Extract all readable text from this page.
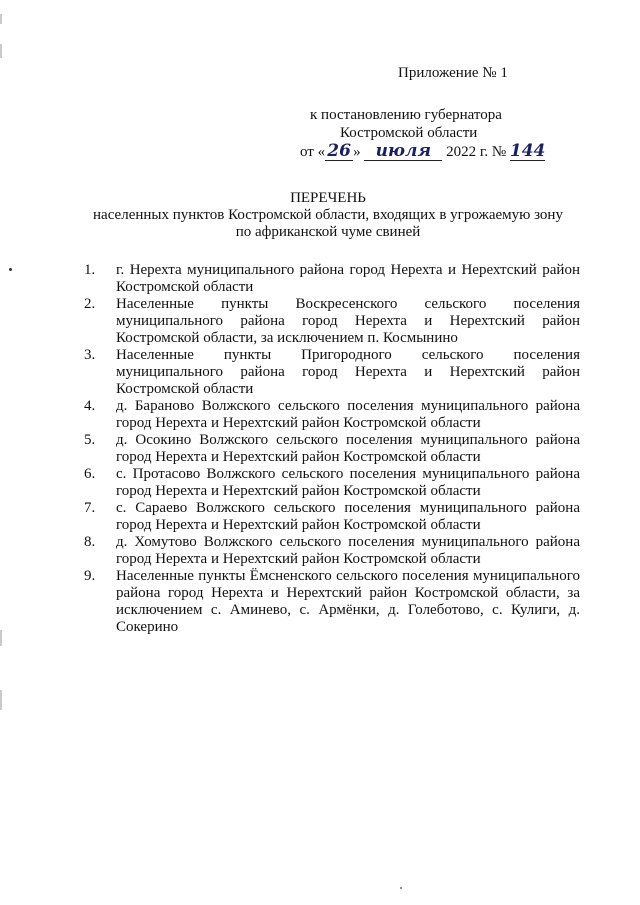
Приложение № 1
к постановлению губернатора
Костромской области
от « 26 » июля 2022 г. № 144
ПЕРЕЧЕНЬ
населенных пунктов Костромской области, входящих в угрожаемую зону
по африканской чуме свиней
1.	г. Нерехта муниципального района город Нерехта и Нерехтский район Костромской области
2.	Населенные пункты Воскресенского сельского поселения муниципального района город Нерехта и Нерехтский район Костромской области, за исключением п. Космынино
3.	Населенные пункты Пригородного сельского поселения муниципального района город Нерехта и Нерехтский район Костромской области
4.	д. Бараново Волжского сельского поселения муниципального района город Нерехта и Нерехтский район Костромской области
5.	д. Осокино Волжского сельского поселения муниципального района город Нерехта и Нерехтский район Костромской области
6.	с. Протасово Волжского сельского поселения муниципального района город Нерехта и Нерехтский район Костромской области
7.	с. Сараево Волжского сельского поселения муниципального района город Нерехта и Нерехтский район Костромской области
8.	д. Хомутово Волжского сельского поселения муниципального района город Нерехта и Нерехтский район Костромской области
9.	Населенные пункты Ёмсненского сельского поселения муниципального района город Нерехта и Нерехтский район Костромской области, за исключением с. Аминево, с. Армёнки, д. Голеботово, с. Кулиги, д. Сокерино
